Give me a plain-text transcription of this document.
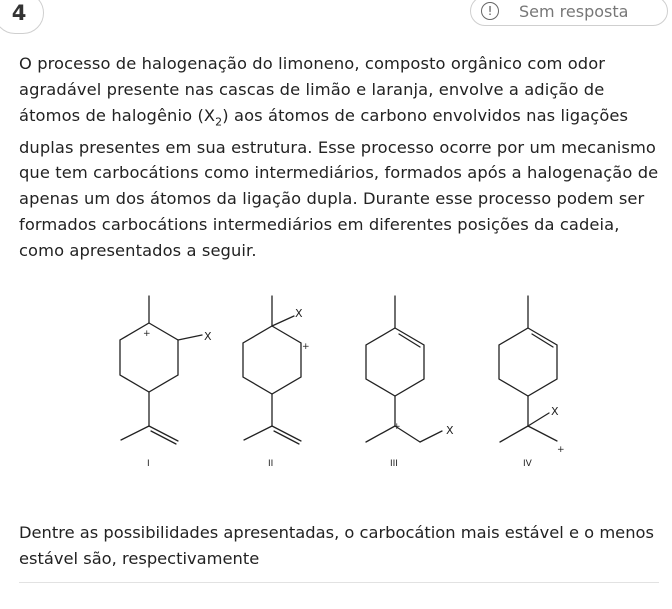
4	!	Sem resposta
O processo de halogenação do limoneno, composto orgânico com odor agradável presente nas cascas de limão e laranja, envolve a adição de átomos de halogênio $(X_2)$ aos átomos de carbono envolvidos nas ligações duplas presentes em sua estrutura. Esse processo ocorre por um mecanismo que tem carbocátions como intermediários, formados após a halogenação de apenas um dos átomos da ligação dupla. Durante esse processo podem ser formados carbocátions intermediários em diferentes posições da cadeia, como apresentados a seguir.
X
+
I
X
+
II
+	X
III
X
+
IV
Dentre as possibilidades apresentadas, o carbocátion mais estável e o menos estável são, respectivamente
